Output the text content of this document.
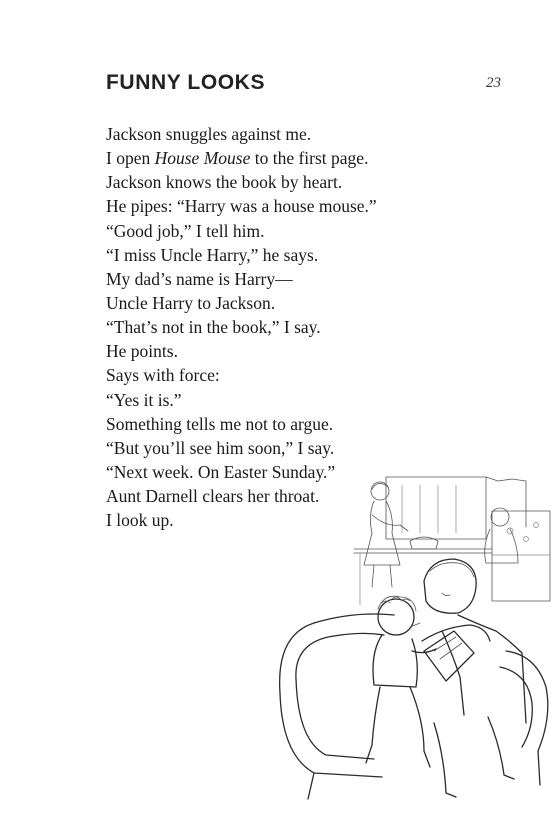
FUNNY LOOKS	23
Jackson snuggles against me.
I open House Mouse to the first page.
Jackson knows the book by heart.
He pipes: “Harry was a house mouse.”
“Good job,” I tell him.
“I miss Uncle Harry,” he says.
My dad’s name is Harry—
Uncle Harry to Jackson.
“That’s not in the book,” I say.
He points.
Says with force:
“Yes it is.”
Something tells me not to argue.
“But you’ll see him soon,” I say.
“Next week. On Easter Sunday.”
Aunt Darnell clears her throat.
I look up.
